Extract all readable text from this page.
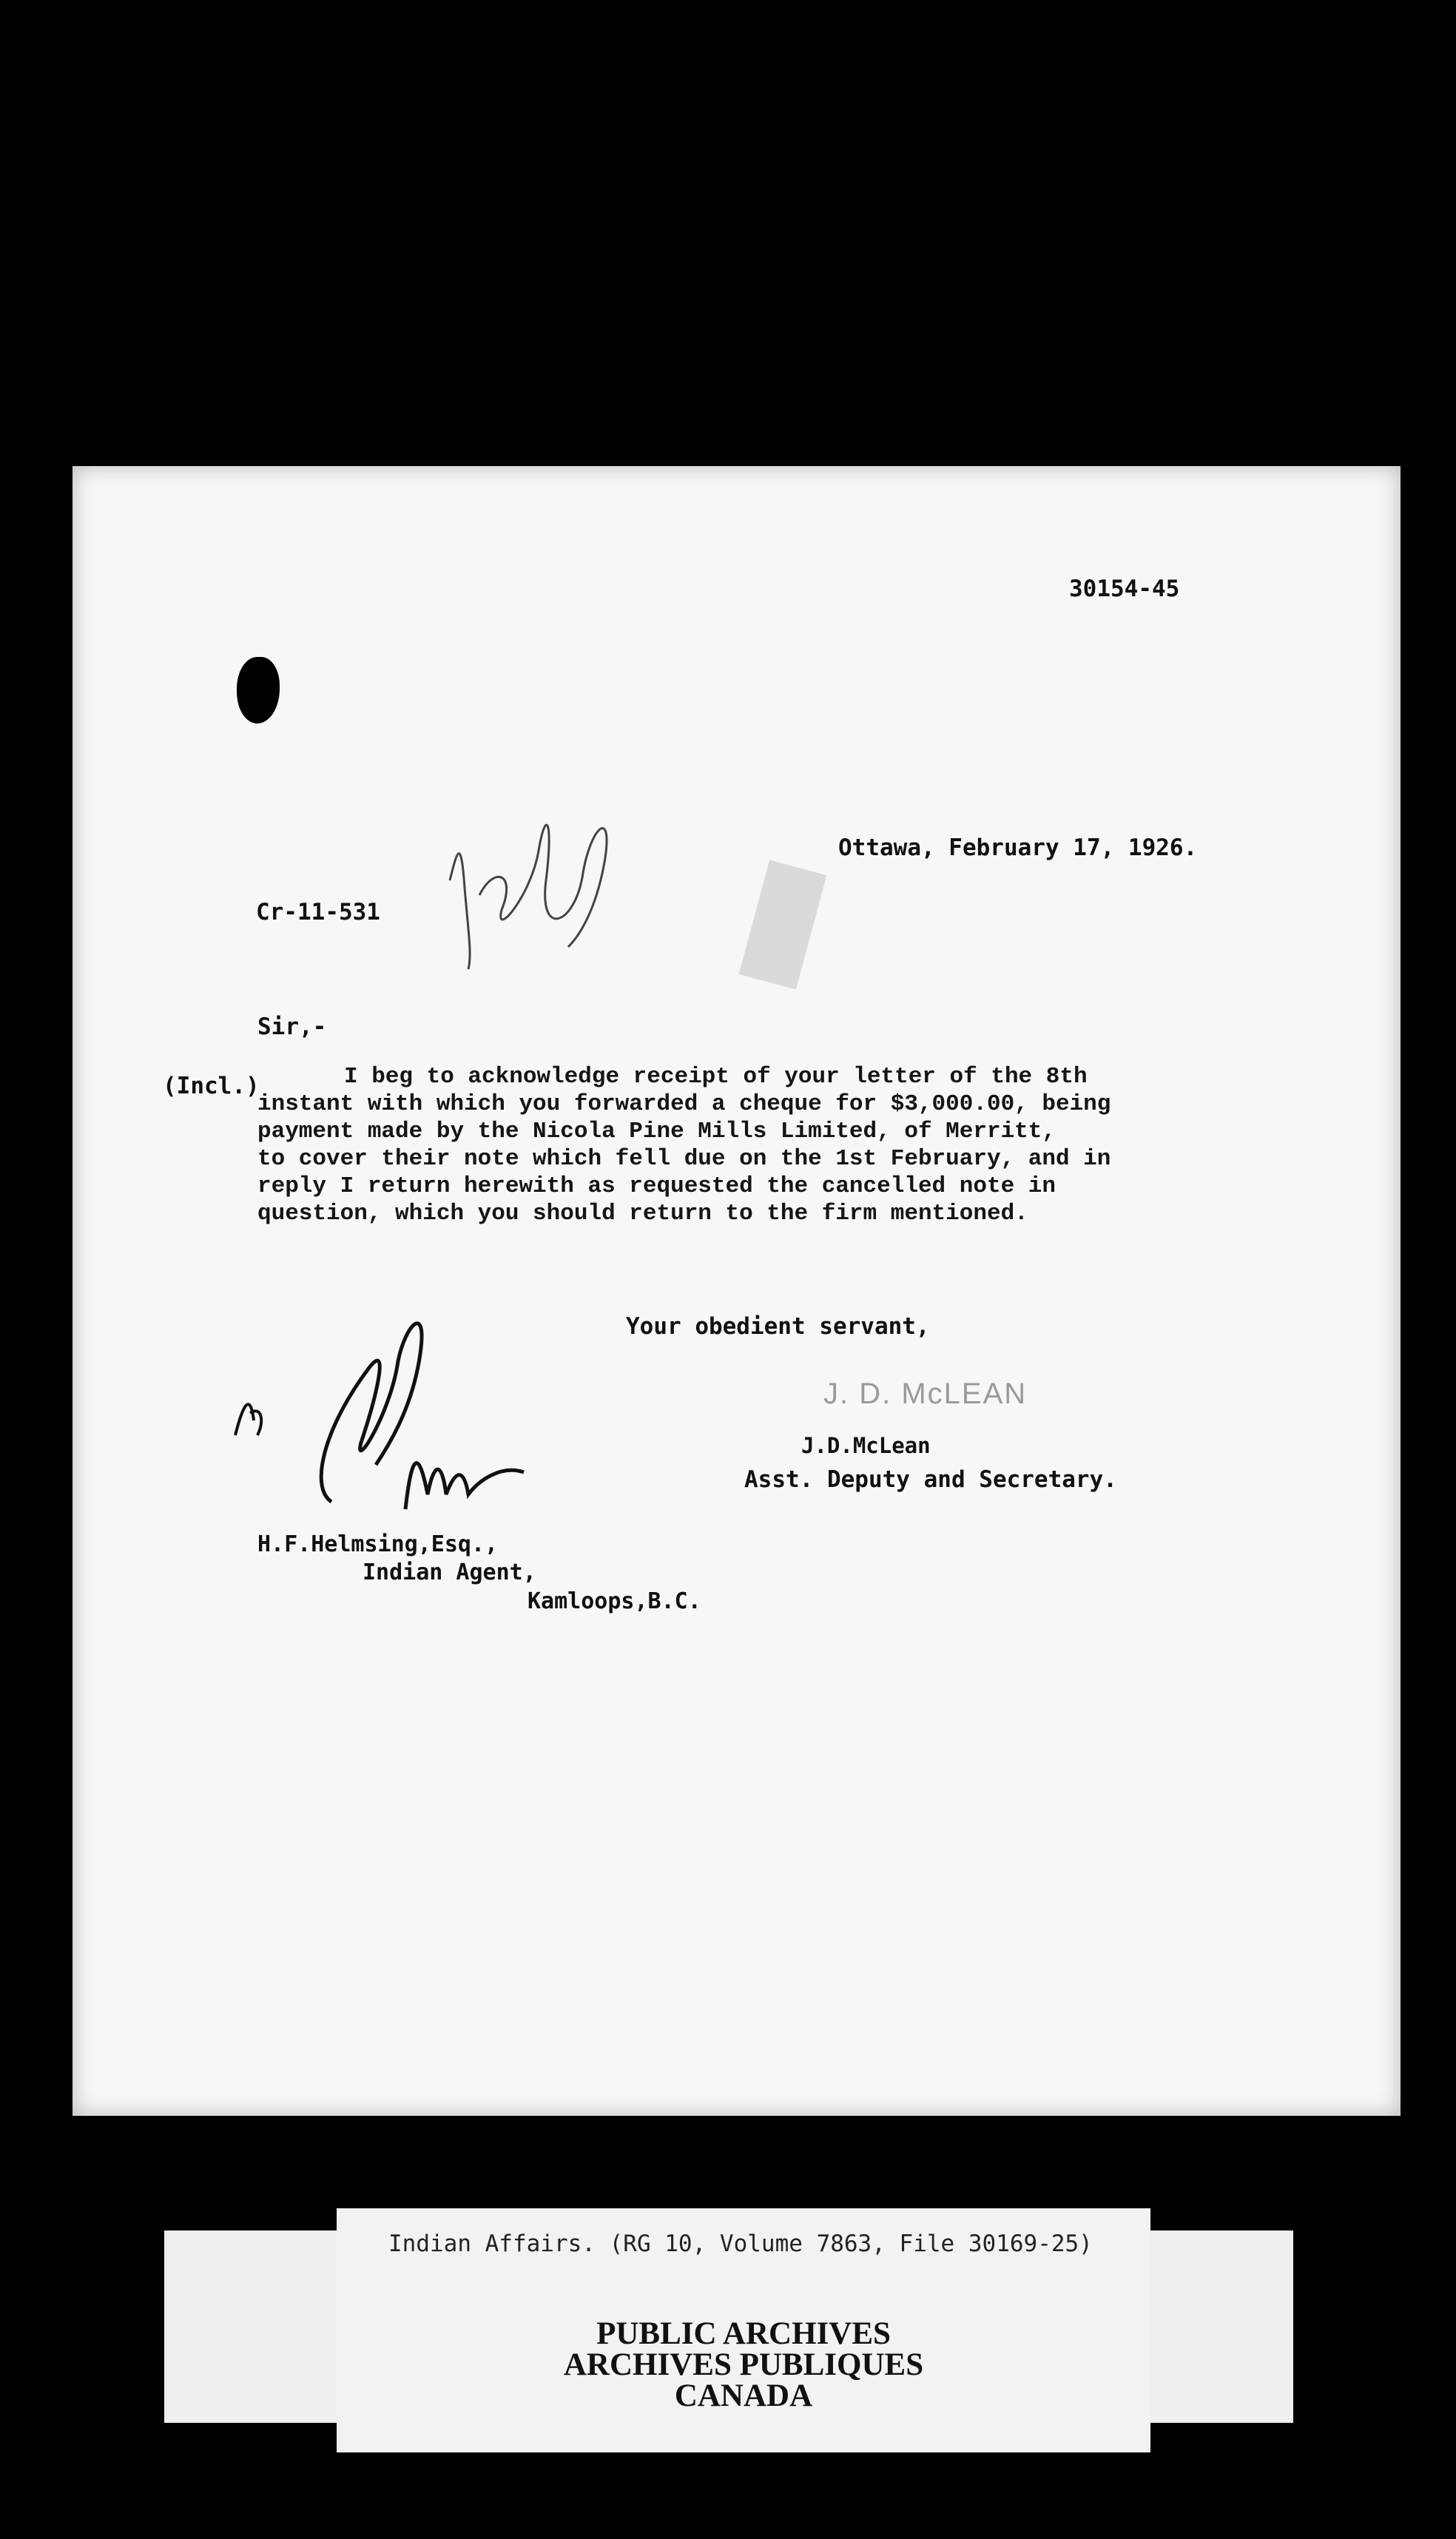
30154-45
Ottawa, February 17, 1926.
Cr-11-531
Sir,-
(Incl.)	I beg to acknowledge receipt of your letter of the 8th
instant with which you forwarded a cheque for $3,000.00, being
payment made by the Nicola Pine Mills Limited, of Merritt,
to cover their note which fell due on the 1st February, and in
reply I return herewith as requested the cancelled note in
question, which you should return to the firm mentioned.
Your obedient servant,
J. D. McLEAN
J.D.McLean
Asst. Deputy and Secretary.
H.F.Helmsing,Esq.,
Indian Agent,
Kamloops,B.C.
Indian Affairs. (RG 10, Volume 7863, File 30169-25)
PUBLIC ARCHIVES
ARCHIVES PUBLIQUES
CANADA
